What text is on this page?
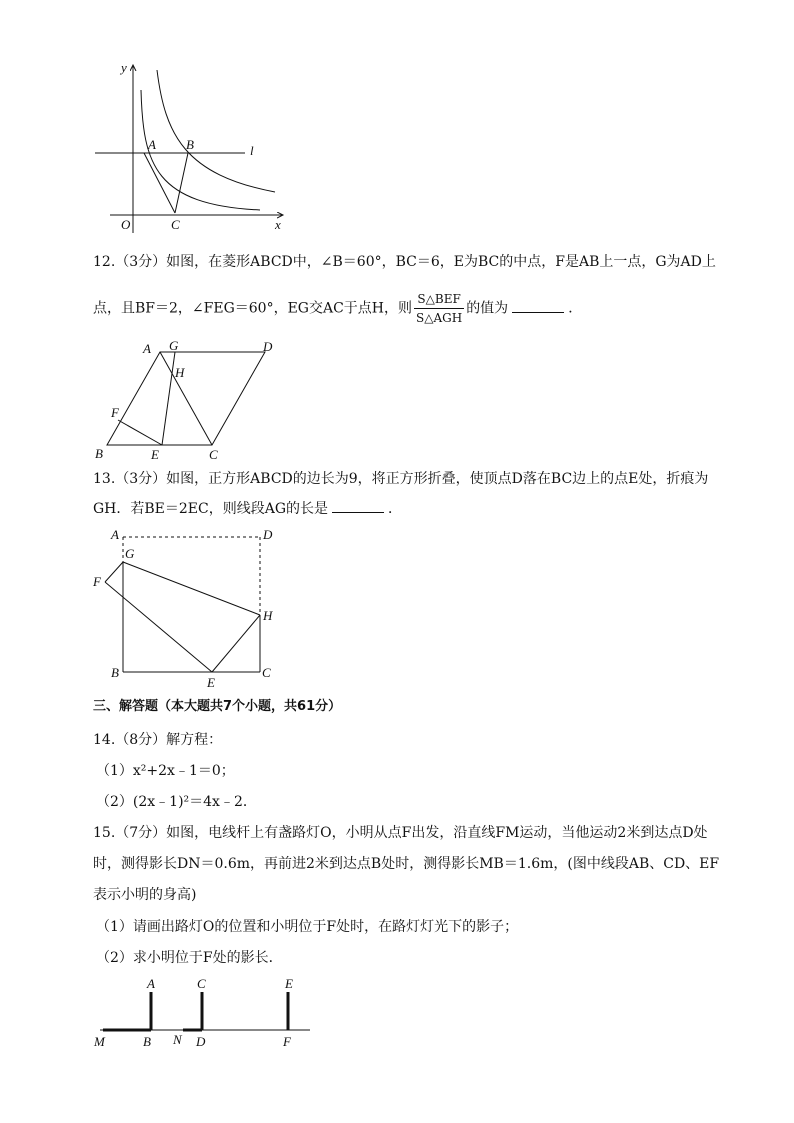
y
A B	l
O	C	x
12.（3分）如图，在菱形ABCD中，∠B＝60°，BC＝6，E为BC的中点，F是AB上一点，G为AD上
点，且BF＝2，∠FEG＝60°，EG交AC于点H，则 $\frac{\text{S△BEF}}{\text{S△AGH}}$ 的值为	．
A G	D
H
F
B	E	C
13.（3分）如图，正方形ABCD的边长为9，将正方形折叠，使顶点D落在BC边上的点E处，折痕为
GH．若BE＝2EC，则线段AG的长是	．
A	D
G
F
H
B
E
C
三、解答题（本大题共7个小题，共61分）
14.（8分）解方程：
（1）x²+2x﹣1＝0；
（2）(2x﹣1)²＝4x﹣2．
15.（7分）如图，电线杆上有盏路灯O，小明从点F出发，沿直线FM运动，当他运动2米到达点D处
时，测得影长DN＝0.6m，再前进2米到达点B处时，测得影长MB＝1.6m，(图中线段AB、CD、EF
表示小明的身高)
（1）请画出路灯O的位置和小明位于F处时，在路灯灯光下的影子；
（2）求小明位于F处的影长．
A	C	E
M	B N D	F
